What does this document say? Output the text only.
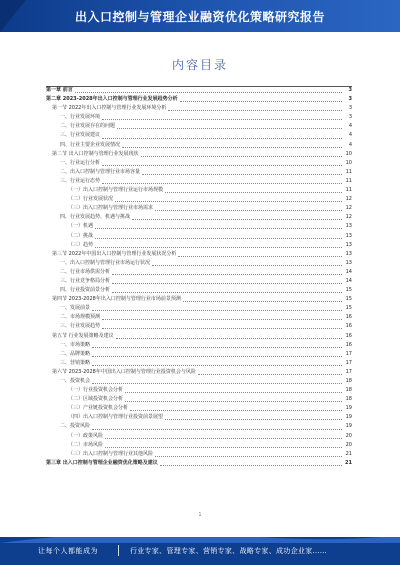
出入口控制与管理企业融资优化策略研究报告
内容目录
第一章 前言	3
第二章 2023-2028年出入口控制与管理行业发展趋势分析	3
第一节 2022年出入口控制与管理行业发展环境分析	3
一、行业发展环境	3
二、行业发展存在的问题	4
三、行业发展建议	4
四、行业主要企业发展情况	4
第二节 出入口控制与管理行业发展现状	10
一、行业运行分析	10
二、出入口控制与管理行业市场容量	11
三、行业运行态势	11
（一）出入口控制与管理行业运行市场规模	11
（二）行业发展状况	12
（三）出入口控制与管理行业市场需求	12
四、行业发展趋势、机遇与挑战	12
（一）机遇	13
（二）挑战	13
（三）趋势	13
第三节 2022年中国出入口控制与管理行业发展状况分析	13
一、出入口控制与管理行业市场运行状况	13
二、行业市场供需分析	14
三、行业竞争格局分析	14
四、行业投资前景分析	15
第四节 2023-2028年出入口控制与管理行业市场前景预测	15
一、发展前景	15
二、市场规模预测	16
三、行业发展趋势	16
第五节 行业发展策略及建议	16
一、市场策略	16
二、品牌策略	17
三、营销策略	17
第六节 2023-2028年中国出入口控制与管理行业投资机会与风险	17
一、投资机会	18
（一）行业投资机会分析	18
（二）区域投资机会分析	18
（三）产业链投资机会分析	19
（四）出入口控制与管理行业投资前景展望	19
二、投资风险	19
（一）政策风险	20
（二）市场风险	20
（三）出入口控制与管理行业其他风险	21
第三章 出入口控制与管理企业融资优化策略及建议	21
1
让每个人都能成为	行业专家、管理专家、营销专家、战略专家、成功企业家……
